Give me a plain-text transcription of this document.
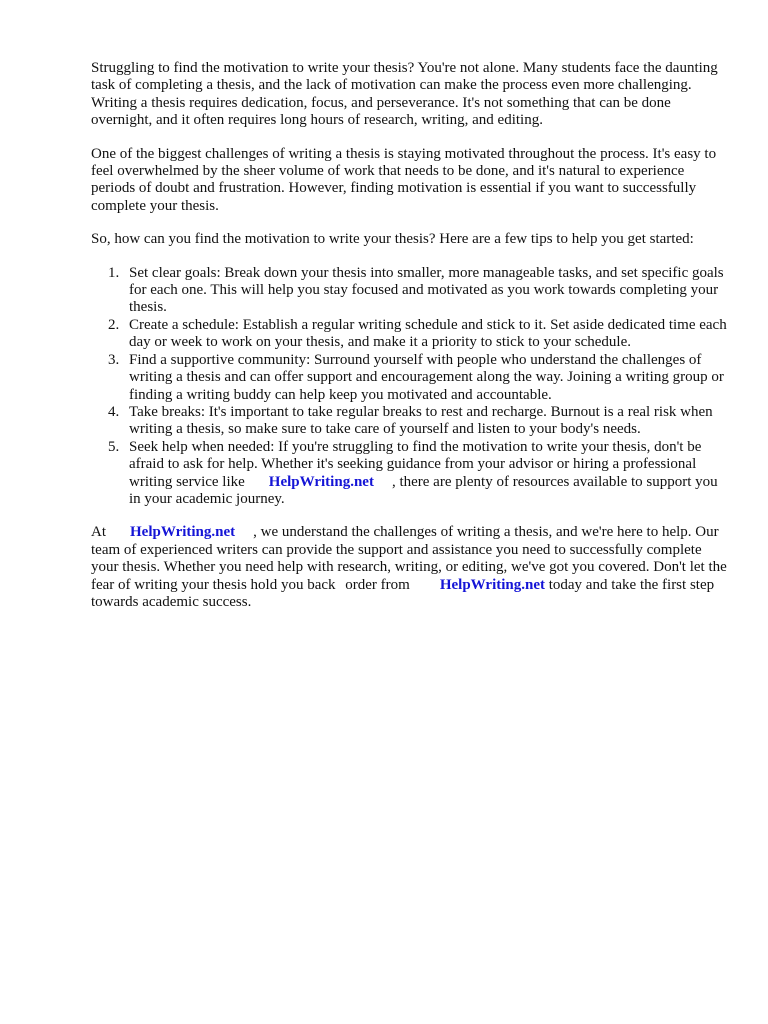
Struggling to find the motivation to write your thesis? You're not alone. Many students face the daunting task of completing a thesis, and the lack of motivation can make the process even more challenging. Writing a thesis requires dedication, focus, and perseverance. It's not something that can be done overnight, and it often requires long hours of research, writing, and editing.

One of the biggest challenges of writing a thesis is staying motivated throughout the process. It's easy to feel overwhelmed by the sheer volume of work that needs to be done, and it's natural to experience periods of doubt and frustration. However, finding motivation is essential if you want to successfully complete your thesis.

So, how can you find the motivation to write your thesis? Here are a few tips to help you get started:

Set clear goals: Break down your thesis into smaller, more manageable tasks, and set specific goals for each one. This will help you stay focused and motivated as you work towards completing your thesis.
Create a schedule: Establish a regular writing schedule and stick to it. Set aside dedicated time each day or week to work on your thesis, and make it a priority to stick to your schedule.
Find a supportive community: Surround yourself with people who understand the challenges of writing a thesis and can offer support and encouragement along the way. Joining a writing group or finding a writing buddy can help keep you motivated and accountable.
Take breaks: It's important to take regular breaks to rest and recharge. Burnout is a real risk when writing a thesis, so make sure to take care of yourself and listen to your body's needs.
Seek help when needed: If you're struggling to find the motivation to write your thesis, don't be afraid to ask for help. Whether it's seeking guidance from your advisor or hiring a professional writing service like HelpWriting.net , there are plenty of resources available to support you in your academic journey.

At HelpWriting.net , we understand the challenges of writing a thesis, and we're here to help. Our team of experienced writers can provide the support and assistance you need to successfully complete your thesis. Whether you need help with research, writing, or editing, we've got you covered. Don't let the fear of writing your thesis hold you back order from HelpWriting.net today and take the first step towards academic success.
